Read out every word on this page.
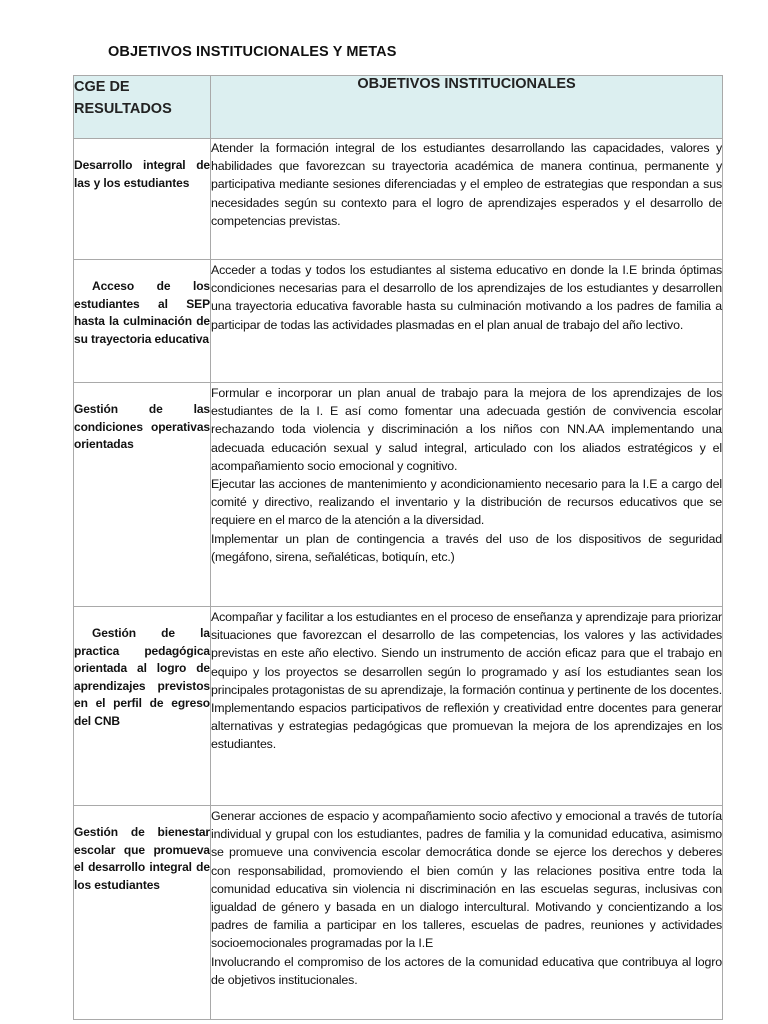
OBJETIVOS INSTITUCIONALES Y METAS
CGE DE RESULTADOS	OBJETIVOS INSTITUCIONALES

Desarrollo integral de las y los estudiantes	Atender la formación integral de los estudiantes desarrollando las capacidades, valores y habilidades que favorezcan su trayectoria académica de manera continua, permanente y participativa mediante sesiones diferenciadas y el empleo de estrategias que respondan a sus necesidades según su contexto para el logro de aprendizajes esperados y el desarrollo de competencias previstas.

Acceso de los estudiantes al SEP hasta la culminación de su trayectoria educativa	Acceder a todas y todos los estudiantes al sistema educativo en donde la I.E brinda óptimas condiciones necesarias para el desarrollo de los aprendizajes de los estudiantes y desarrollen una trayectoria educativa favorable hasta su culminación motivando a los padres de familia a participar de todas las actividades plasmadas en el plan anual de trabajo del año lectivo.

Gestión de las condiciones operativas orientadas	Formular e incorporar un plan anual de trabajo para la mejora de los aprendizajes de los estudiantes de la I. E así como fomentar una adecuada gestión de convivencia escolar rechazando toda violencia y discriminación a los niños con NN.AA implementando una adecuada educación sexual y salud integral, articulado con los aliados estratégicos y el acompañamiento socio emocional y cognitivo.

Ejecutar las acciones de mantenimiento y acondicionamiento necesario para la I.E a cargo del comité y directivo, realizando el inventario y la distribución de recursos educativos que se requiere en el marco de la atención a la diversidad.

Implementar un plan de contingencia a través del uso de los dispositivos de seguridad (megáfono, sirena, señaléticas, botiquín, etc.)

Gestión de la practica pedagógica orientada al logro de aprendizajes previstos en el perfil de egreso del CNB	Acompañar y facilitar a los estudiantes en el proceso de enseñanza y aprendizaje para priorizar situaciones que favorezcan el desarrollo de las competencias, los valores y las actividades previstas en este año electivo. Siendo un instrumento de acción eficaz para que el trabajo en equipo y los proyectos se desarrollen según lo programado y así los estudiantes sean los principales protagonistas de su aprendizaje, la formación continua y pertinente de los docentes. Implementando espacios participativos de reflexión y creatividad entre docentes para generar alternativas y estrategias pedagógicas que promuevan la mejora de los aprendizajes en los estudiantes.

Gestión de bienestar escolar que promueva el desarrollo integral de los estudiantes	Generar acciones de espacio y acompañamiento socio afectivo y emocional a través de tutoría individual y grupal con los estudiantes, padres de familia y la comunidad educativa, asimismo se promueve una convivencia escolar democrática donde se ejerce los derechos y deberes con responsabilidad, promoviendo el bien común y las relaciones positiva entre toda la comunidad educativa sin violencia ni discriminación en las escuelas seguras, inclusivas con igualdad de género y basada en un dialogo intercultural. Motivando y concientizando a los padres de familia a participar en los talleres, escuelas de padres, reuniones y actividades socioemocionales programadas por la I.E

Involucrando el compromiso de los actores de la comunidad educativa que contribuya al logro de objetivos institucionales.
